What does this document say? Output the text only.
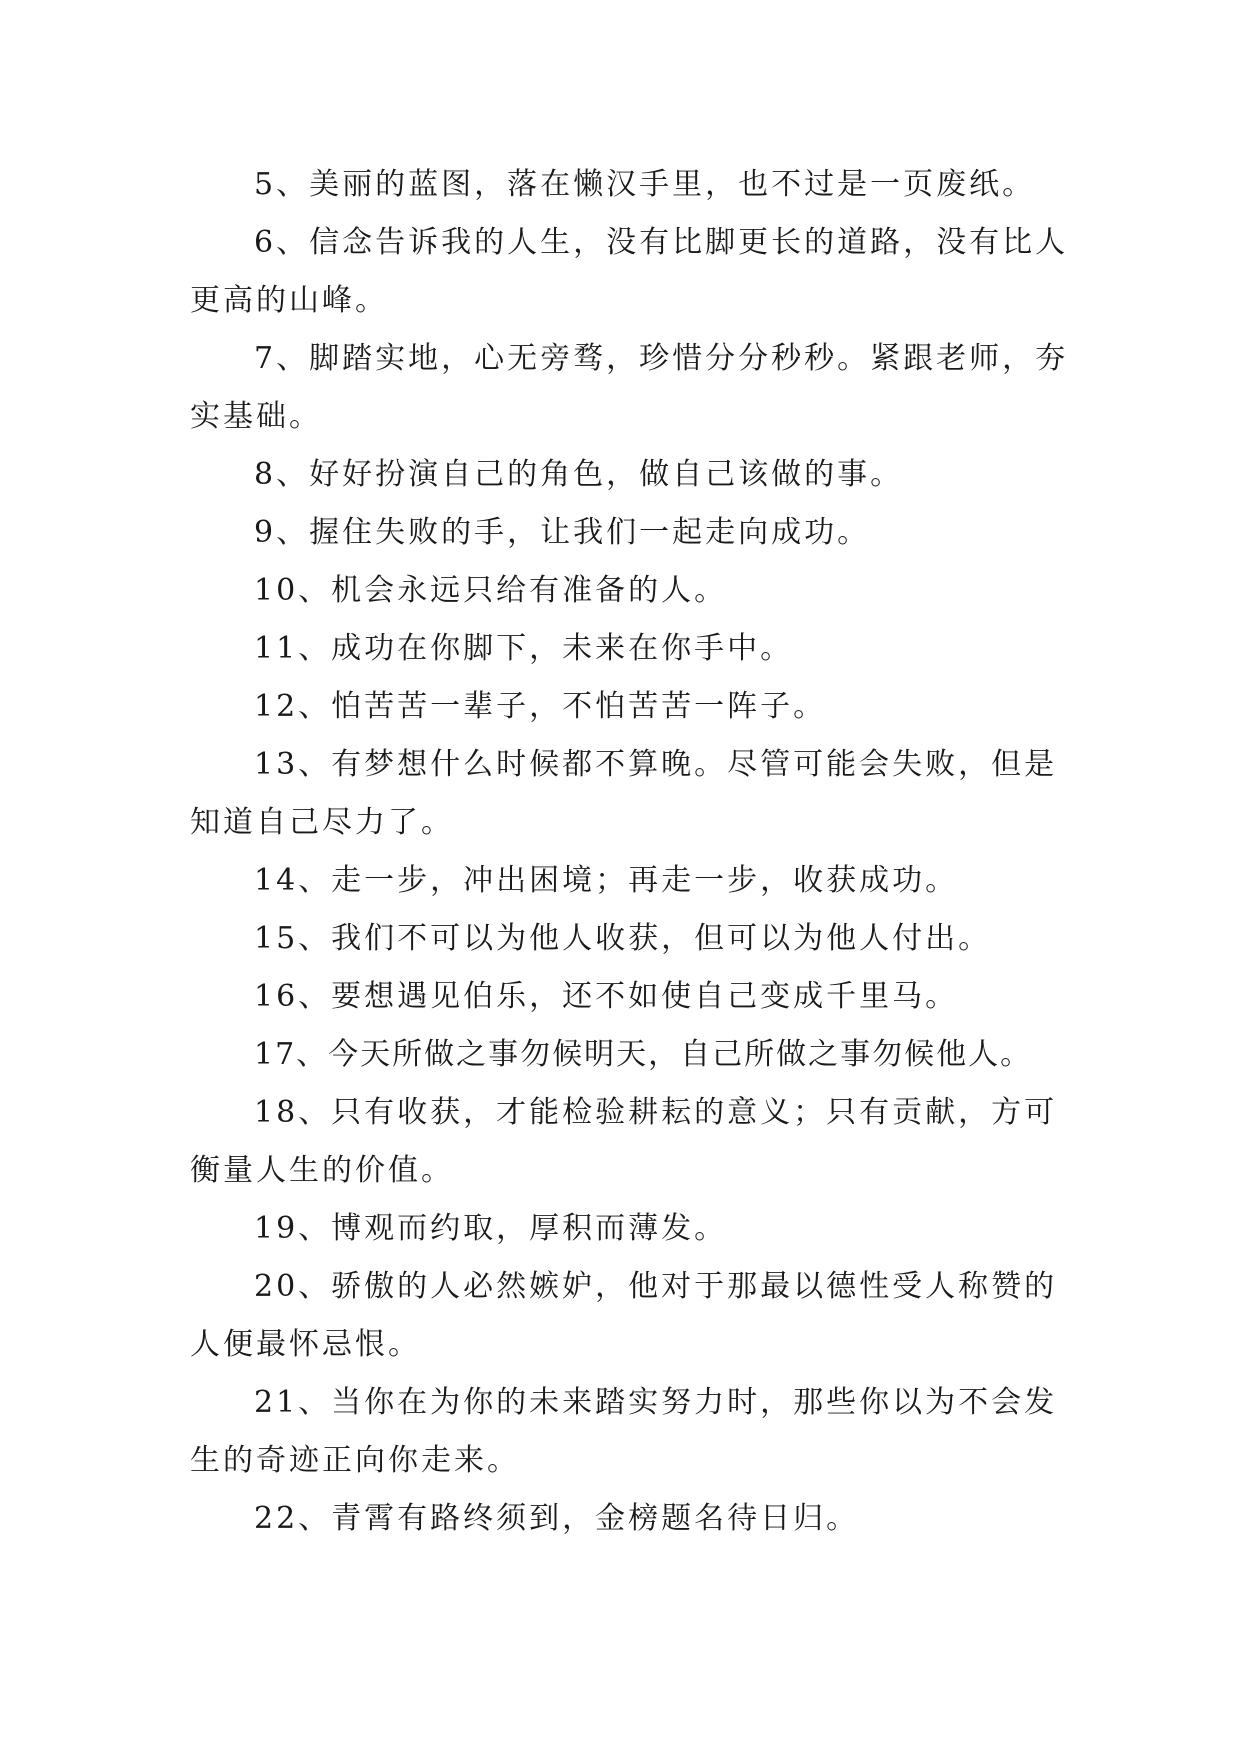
5、美丽的蓝图，落在懒汉手里，也不过是一页废纸。

6、信念告诉我的人生，没有比脚更长的道路，没有比人更高的山峰。

7、脚踏实地，心无旁骛，珍惜分分秒秒。紧跟老师，夯实基础。

8、好好扮演自己的角色，做自己该做的事。

9、握住失败的手，让我们一起走向成功。

10、机会永远只给有准备的人。

11、成功在你脚下，未来在你手中。

12、怕苦苦一辈子，不怕苦苦一阵子。

13、有梦想什么时候都不算晚。尽管可能会失败，但是知道自己尽力了。

14、走一步，冲出困境；再走一步，收获成功。

15、我们不可以为他人收获，但可以为他人付出。

16、要想遇见伯乐，还不如使自己变成千里马。

17、今天所做之事勿候明天，自己所做之事勿候他人。

18、只有收获，才能检验耕耘的意义；只有贡献，方可衡量人生的价值。

19、博观而约取，厚积而薄发。

20、骄傲的人必然嫉妒，他对于那最以德性受人称赞的人便最怀忌恨。

21、当你在为你的未来踏实努力时，那些你以为不会发生的奇迹正向你走来。

22、青霄有路终须到，金榜题名待日归。
